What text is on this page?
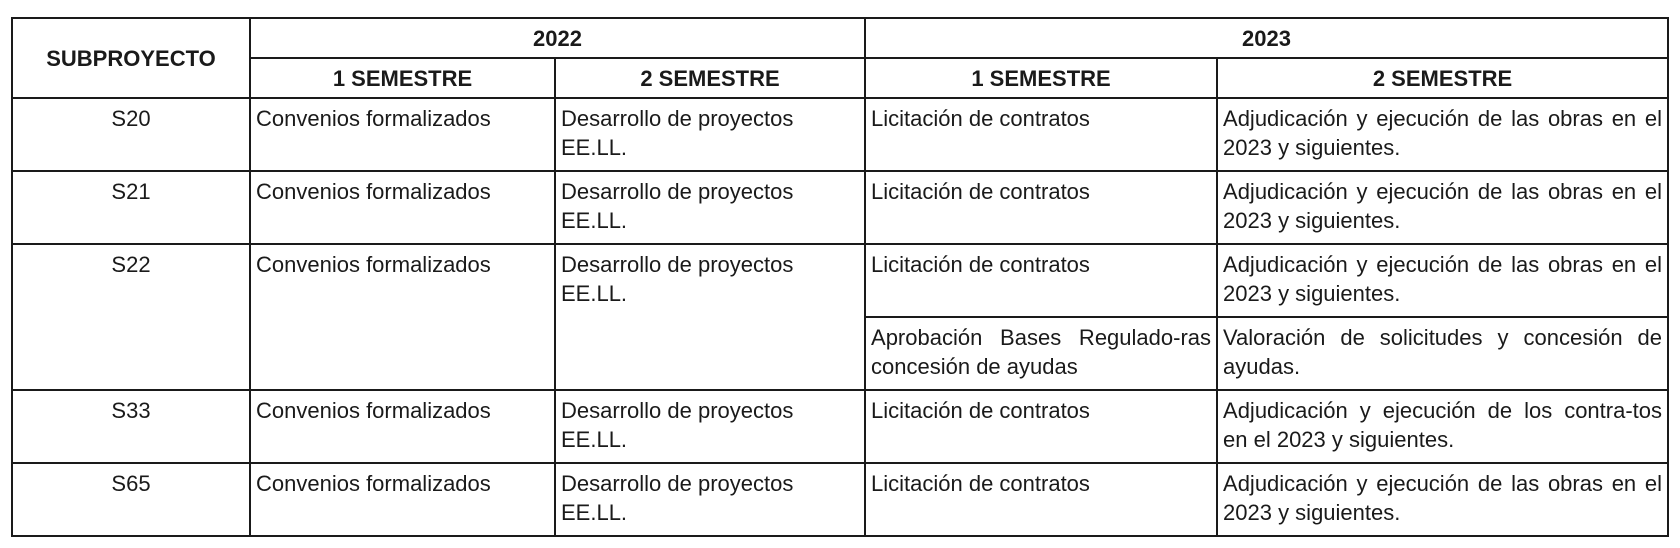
SUBPROYECTO	2022		2023	
	1 SEMESTRE	2 SEMESTRE	1 SEMESTRE	2 SEMESTRE
S20	Convenios formalizados	Desarrollo de proyectos EE.LL.	Licitación de contratos	Adjudicación y ejecución de las obras en el 2023 y siguientes.
S21	Convenios formalizados	Desarrollo de proyectos EE.LL.	Licitación de contratos	Adjudicación y ejecución de las obras en el 2023 y siguientes.
S22	Convenios formalizados	Desarrollo de proyectos EE.LL.	Licitación de contratos	Adjudicación y ejecución de las obras en el 2023 y siguientes.
			Aprobación Bases Regulado-ras concesión de ayudas	Valoración de solicitudes y concesión de ayudas.
S33	Convenios formalizados	Desarrollo de proyectos EE.LL.	Licitación de contratos	Adjudicación y ejecución de los contra-tos en el 2023 y siguientes.
S65	Convenios formalizados	Desarrollo de proyectos EE.LL.	Licitación de contratos	Adjudicación y ejecución de las obras en el 2023 y siguientes.
